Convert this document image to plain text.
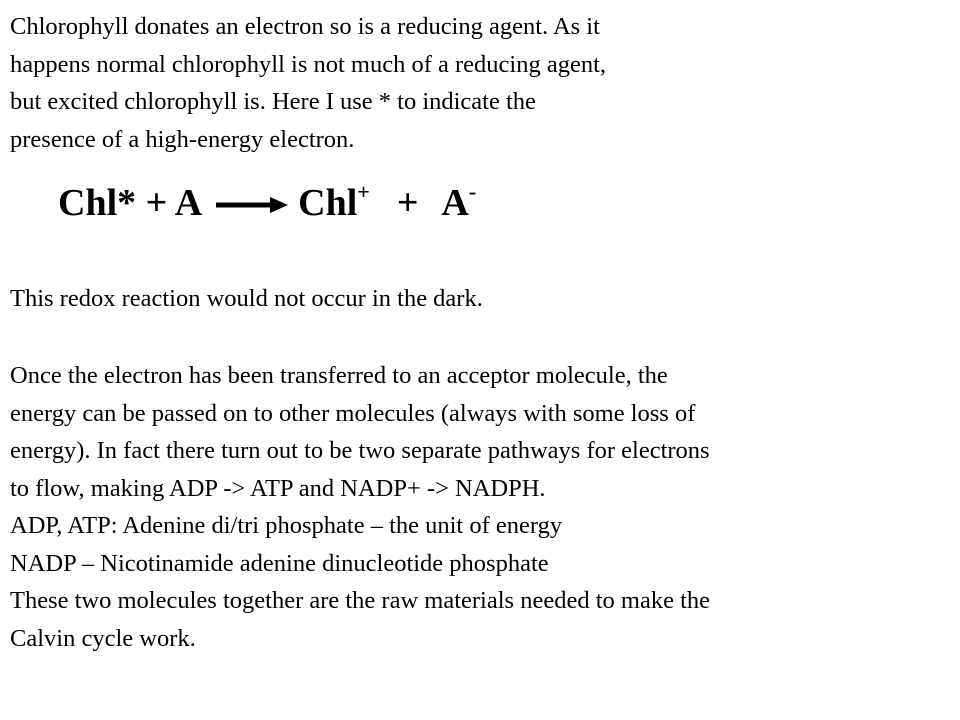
Chlorophyll donates an electron so is a reducing agent. As it
happens normal chlorophyll is not much of a reducing agent,
but excited chlorophyll is. Here I use * to indicate the
presence of a high-energy electron.

Chl* + A	Chl+ + A-

This redox reaction would not occur in the dark.

Once the electron has been transferred to an acceptor molecule, the
energy can be passed on to other molecules (always with some loss of
energy). In fact there turn out to be two separate pathways for electrons
to flow, making ADP -> ATP and NADP+ -> NADPH.
ADP, ATP: Adenine di/tri phosphate – the unit of energy
NADP – Nicotinamide adenine dinucleotide phosphate
These two molecules together are the raw materials needed to make the
Calvin cycle work.
